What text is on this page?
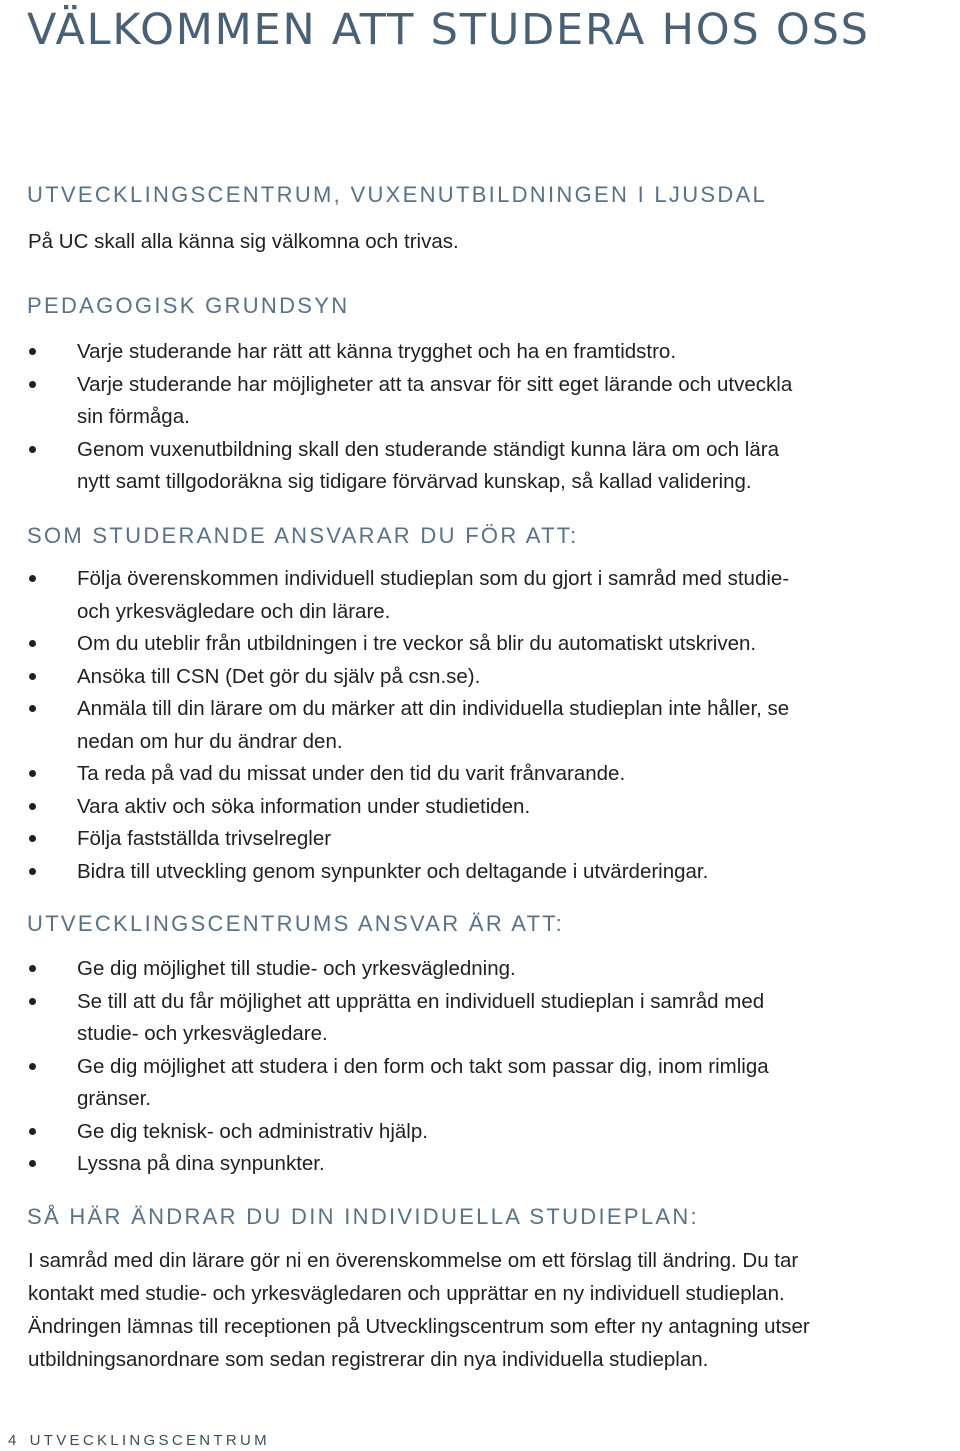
VÄLKOMMEN ATT STUDERA HOS OSS
UTVECKLINGSCENTRUM, VUXENUTBILDNINGEN I LJUSDAL

På UC skall alla känna sig välkomna och trivas.

PEDAGOGISK GRUNDSYN
Varje studerande har rätt att känna trygghet och ha en framtidstro.
Varje studerande har möjligheter att ta ansvar för sitt eget lärande och utveckla
sin förmåga.
Genom vuxenutbildning skall den studerande ständigt kunna lära om och lära
nytt samt tillgodoräkna sig tidigare förvärvad kunskap, så kallad validering.
SOM STUDERANDE ANSVARAR DU FÖR ATT:
Följa överenskommen individuell studieplan som du gjort i samråd med studie-
och yrkesvägledare och din lärare.
Om du uteblir från utbildningen i tre veckor så blir du automatiskt utskriven.
Ansöka till CSN (Det gör du själv på csn.se).
Anmäla till din lärare om du märker att din individuella studieplan inte håller, se
nedan om hur du ändrar den.
Ta reda på vad du missat under den tid du varit frånvarande.
Vara aktiv och söka information under studietiden.
Följa fastställda trivselregler
Bidra till utveckling genom synpunkter och deltagande i utvärderingar.
UTVECKLINGSCENTRUMS ANSVAR ÄR ATT:
Ge dig möjlighet till studie- och yrkesvägledning.
Se till att du får möjlighet att upprätta en individuell studieplan i samråd med
studie- och yrkesvägledare.
Ge dig möjlighet att studera i den form och takt som passar dig, inom rimliga
gränser.
Ge dig teknisk- och administrativ hjälp.
Lyssna på dina synpunkter.
SÅ HÄR ÄNDRAR DU DIN INDIVIDUELLA STUDIEPLAN:
I samråd med din lärare gör ni en överenskommelse om ett förslag till ändring. Du tar
kontakt med studie- och yrkesvägledaren och upprättar en ny individuell studieplan.
Ändringen lämnas till receptionen på Utvecklingscentrum som efter ny antagning utser
utbildningsanordnare som sedan registrerar din nya individuella studieplan.
4 UTVECKLINGSCENTRUM
